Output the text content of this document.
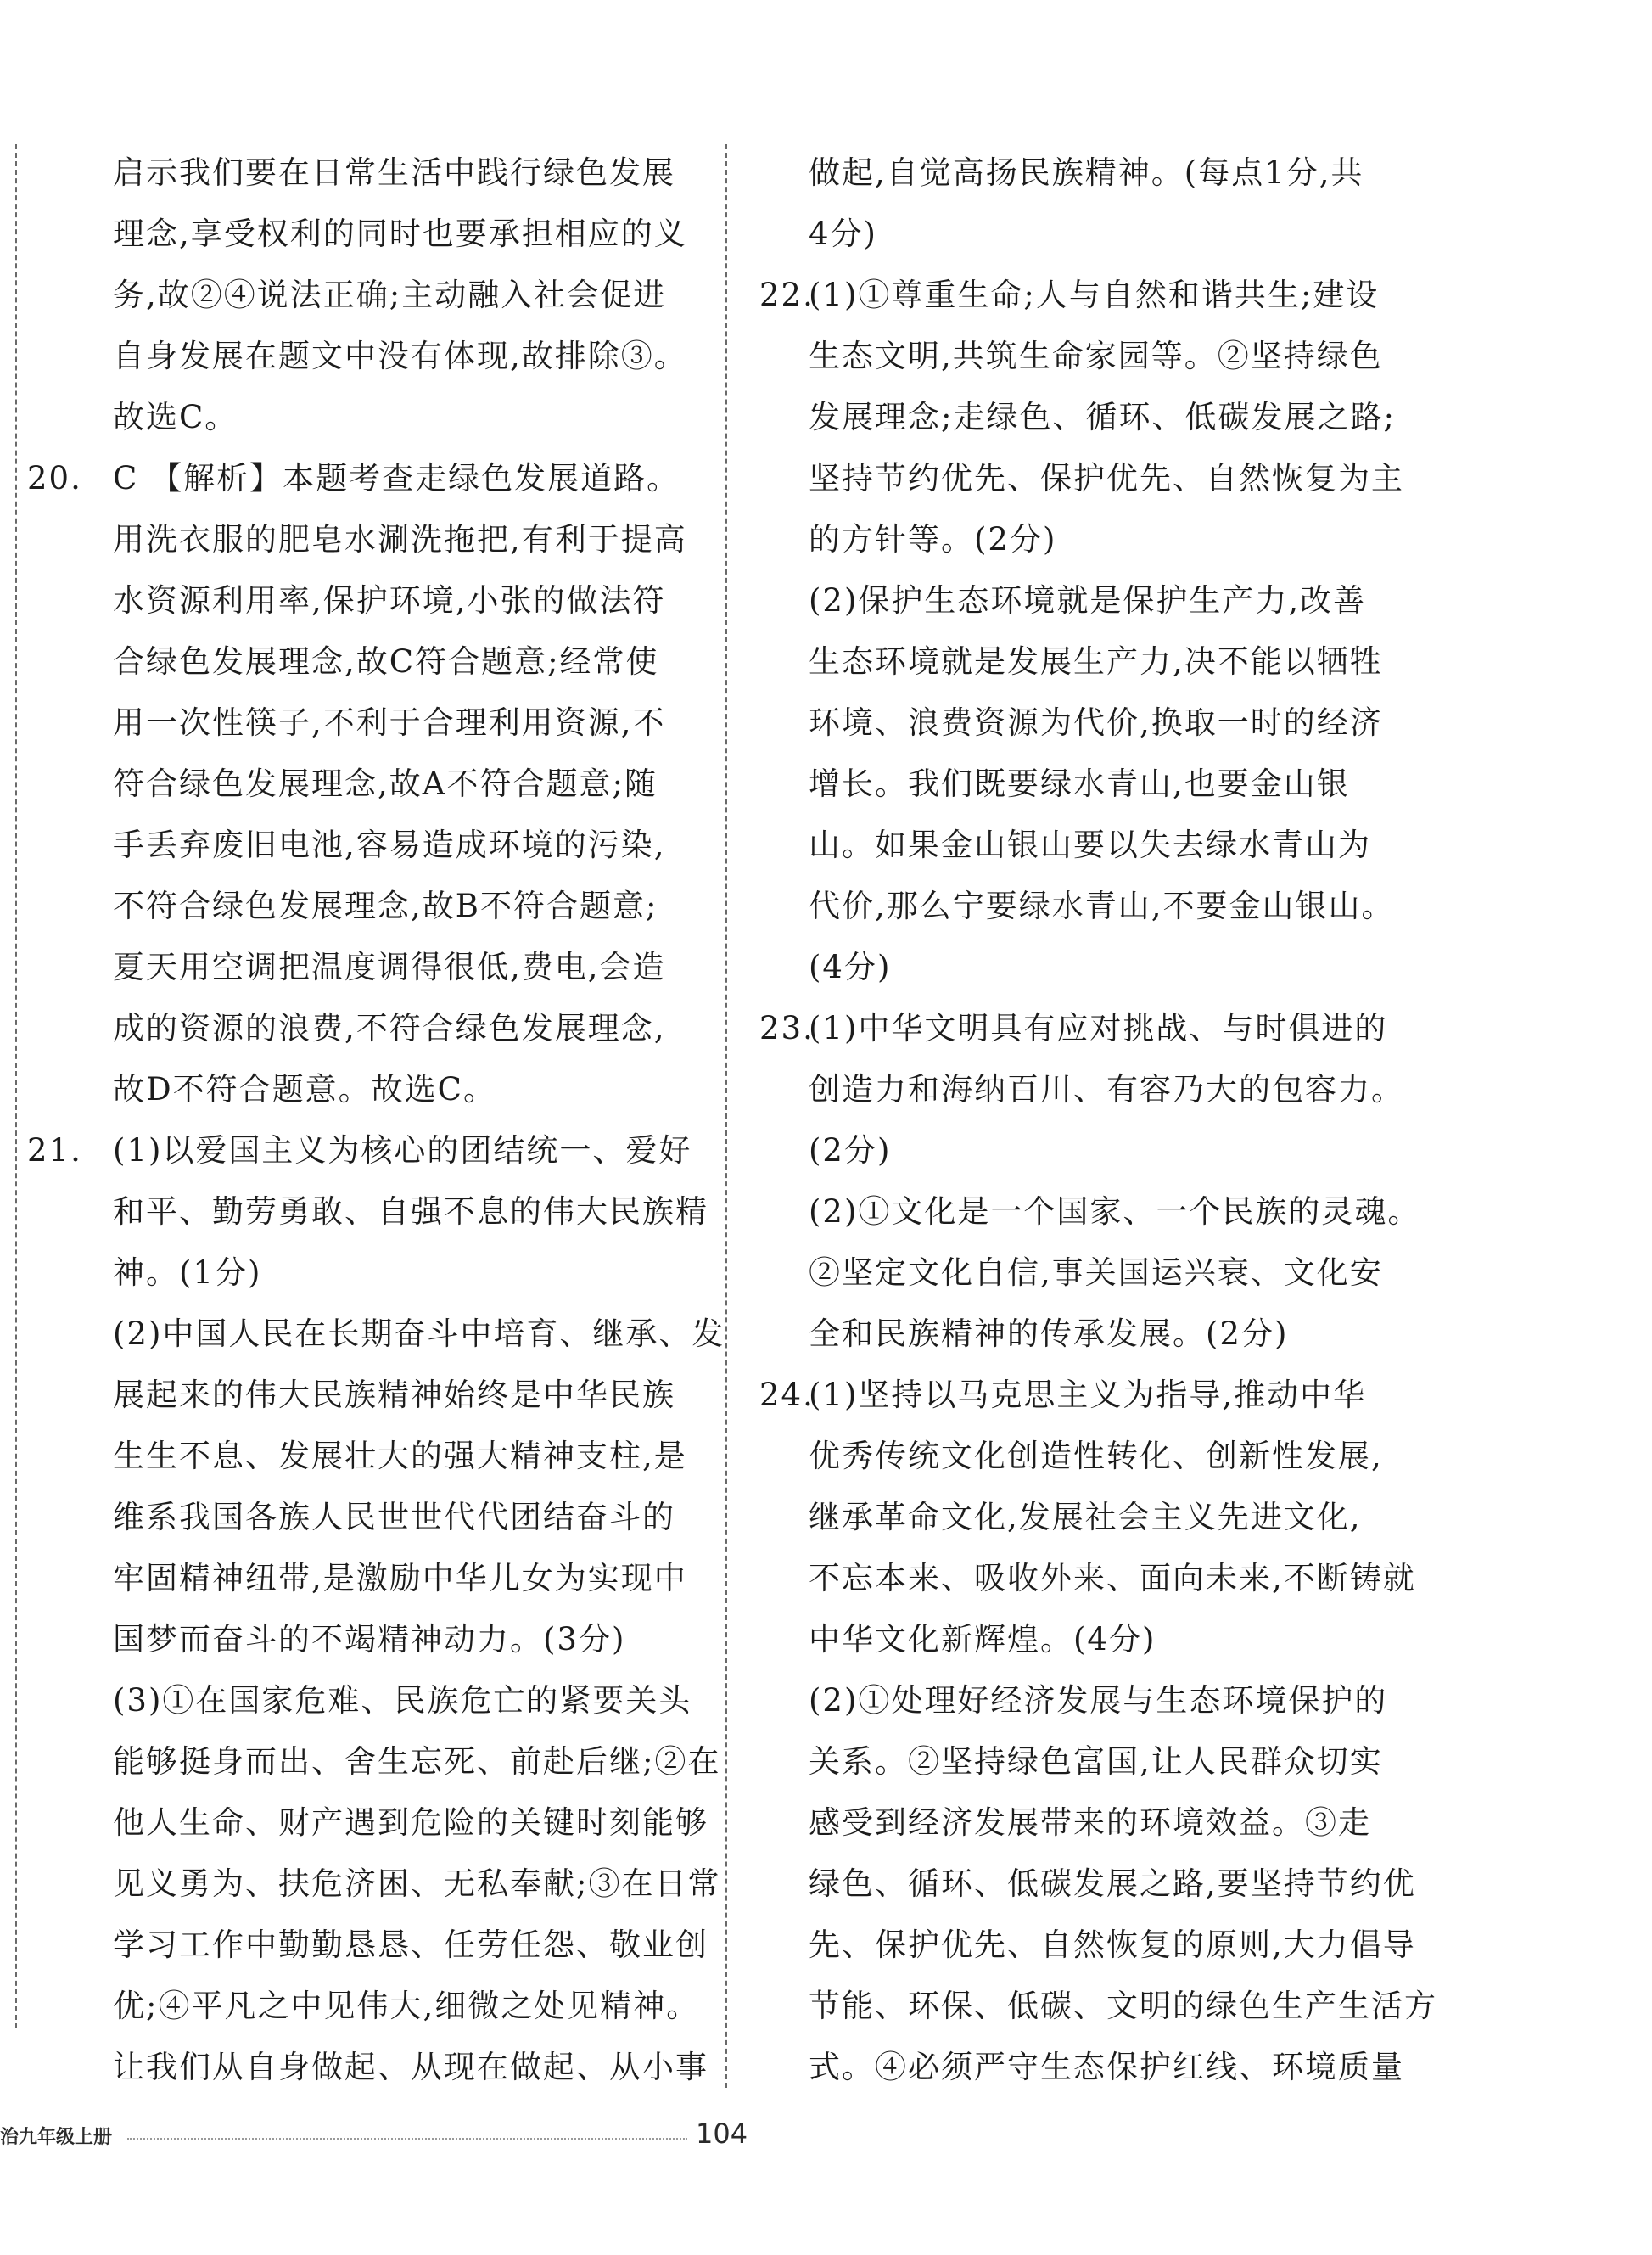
启示我们要在日常生活中践行绿色发展
理念,享受权利的同时也要承担相应的义
务,故②④说法正确;主动融入社会促进
自身发展在题文中没有体现,故排除③。
故选C。
20. C 【解析】本题考查走绿色发展道路。
用洗衣服的肥皂水涮洗拖把,有利于提高
水资源利用率,保护环境,小张的做法符
合绿色发展理念,故C符合题意;经常使
用一次性筷子,不利于合理利用资源,不
符合绿色发展理念,故A不符合题意;随
手丢弃废旧电池,容易造成环境的污染,
不符合绿色发展理念,故B不符合题意;
夏天用空调把温度调得很低,费电,会造
成的资源的浪费,不符合绿色发展理念,
故D不符合题意。故选C。
21. (1)以爱国主义为核心的团结统一、爱好
和平、勤劳勇敢、自强不息的伟大民族精
神。(1分)
(2)中国人民在长期奋斗中培育、继承、发
展起来的伟大民族精神始终是中华民族
生生不息、发展壮大的强大精神支柱,是
维系我国各族人民世世代代团结奋斗的
牢固精神纽带,是激励中华儿女为实现中
国梦而奋斗的不竭精神动力。(3分)
(3)①在国家危难、民族危亡的紧要关头
能够挺身而出、舍生忘死、前赴后继;②在
他人生命、财产遇到危险的关键时刻能够
见义勇为、扶危济困、无私奉献;③在日常
学习工作中勤勤恳恳、任劳任怨、敬业创
优;④平凡之中见伟大,细微之处见精神。
让我们从自身做起、从现在做起、从小事
做起,自觉高扬民族精神。(每点1分,共
4分)
22.
(1)①尊重生命;人与自然和谐共生;建设
生态文明,共筑生命家园等。②坚持绿色
发展理念;走绿色、循环、低碳发展之路;
坚持节约优先、保护优先、自然恢复为主
的方针等。(2分)
(2)保护生态环境就是保护生产力,改善
生态环境就是发展生产力,决不能以牺牲
环境、浪费资源为代价,换取一时的经济
增长。我们既要绿水青山,也要金山银
山。如果金山银山要以失去绿水青山为
代价,那么宁要绿水青山,不要金山银山。
(4分)
23.
(1)中华文明具有应对挑战、与时俱进的
创造力和海纳百川、有容乃大的包容力。
(2分)
(2)①文化是一个国家、一个民族的灵魂。
②坚定文化自信,事关国运兴衰、文化安
全和民族精神的传承发展。(2分)
24.
(1)坚持以马克思主义为指导,推动中华
优秀传统文化创造性转化、创新性发展,
继承革命文化,发展社会主义先进文化,
不忘本来、吸收外来、面向未来,不断铸就
中华文化新辉煌。(4分)
(2)①处理好经济发展与生态环境保护的
关系。②坚持绿色富国,让人民群众切实
感受到经济发展带来的环境效益。③走
绿色、循环、低碳发展之路,要坚持节约优
先、保护优先、自然恢复的原则,大力倡导
节能、环保、低碳、文明的绿色生产生活方
式。④必须严守生态保护红线、环境质量
治九年级上册	104
